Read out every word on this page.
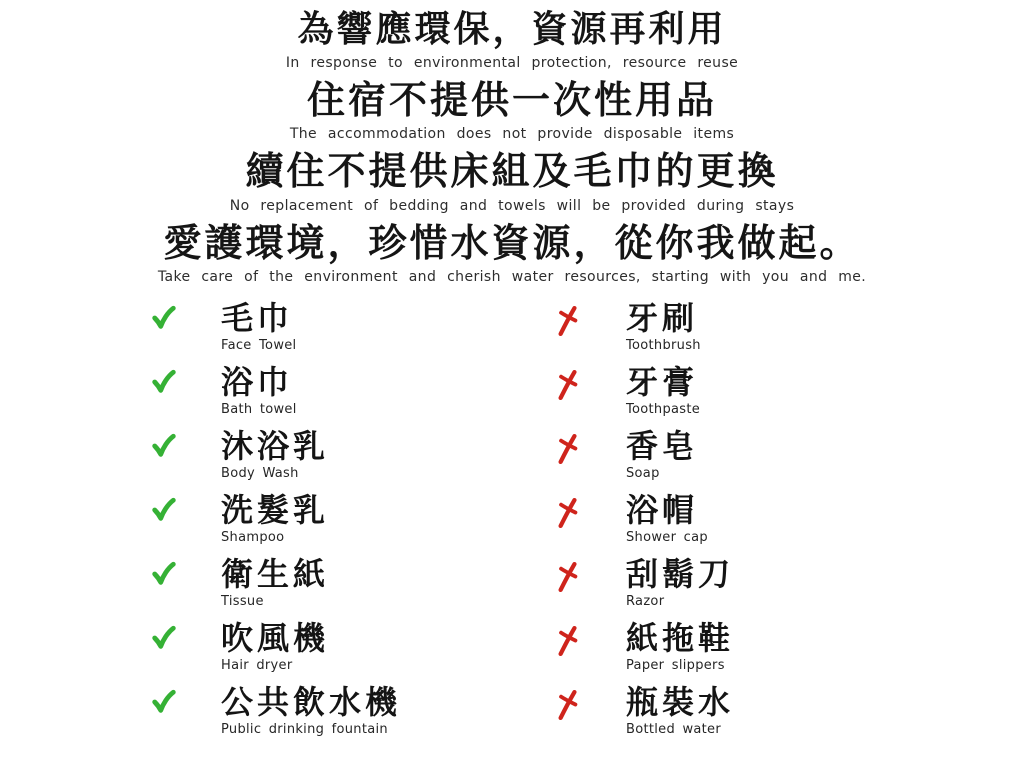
為響應環保，資源再利用
In response to environmental protection, resource reuse
住宿不提供一次性用品
The accommodation does not provide disposable items
續住不提供床組及毛巾的更換
No replacement of bedding and towels will be provided during stays
愛護環境，珍惜水資源，從你我做起。
Take care of the environment and cherish water resources, starting with you and me.
毛巾
Face Towel
浴巾
Bath towel
沐浴乳
Body Wash
洗髮乳
Shampoo
衛生紙
Tissue
吹風機
Hair dryer
公共飲水機
Public drinking fountain
牙刷
Toothbrush
牙膏
Toothpaste
香皂
Soap
浴帽
Shower cap
刮鬍刀
Razor
紙拖鞋
Paper slippers
瓶裝水
Bottled water
